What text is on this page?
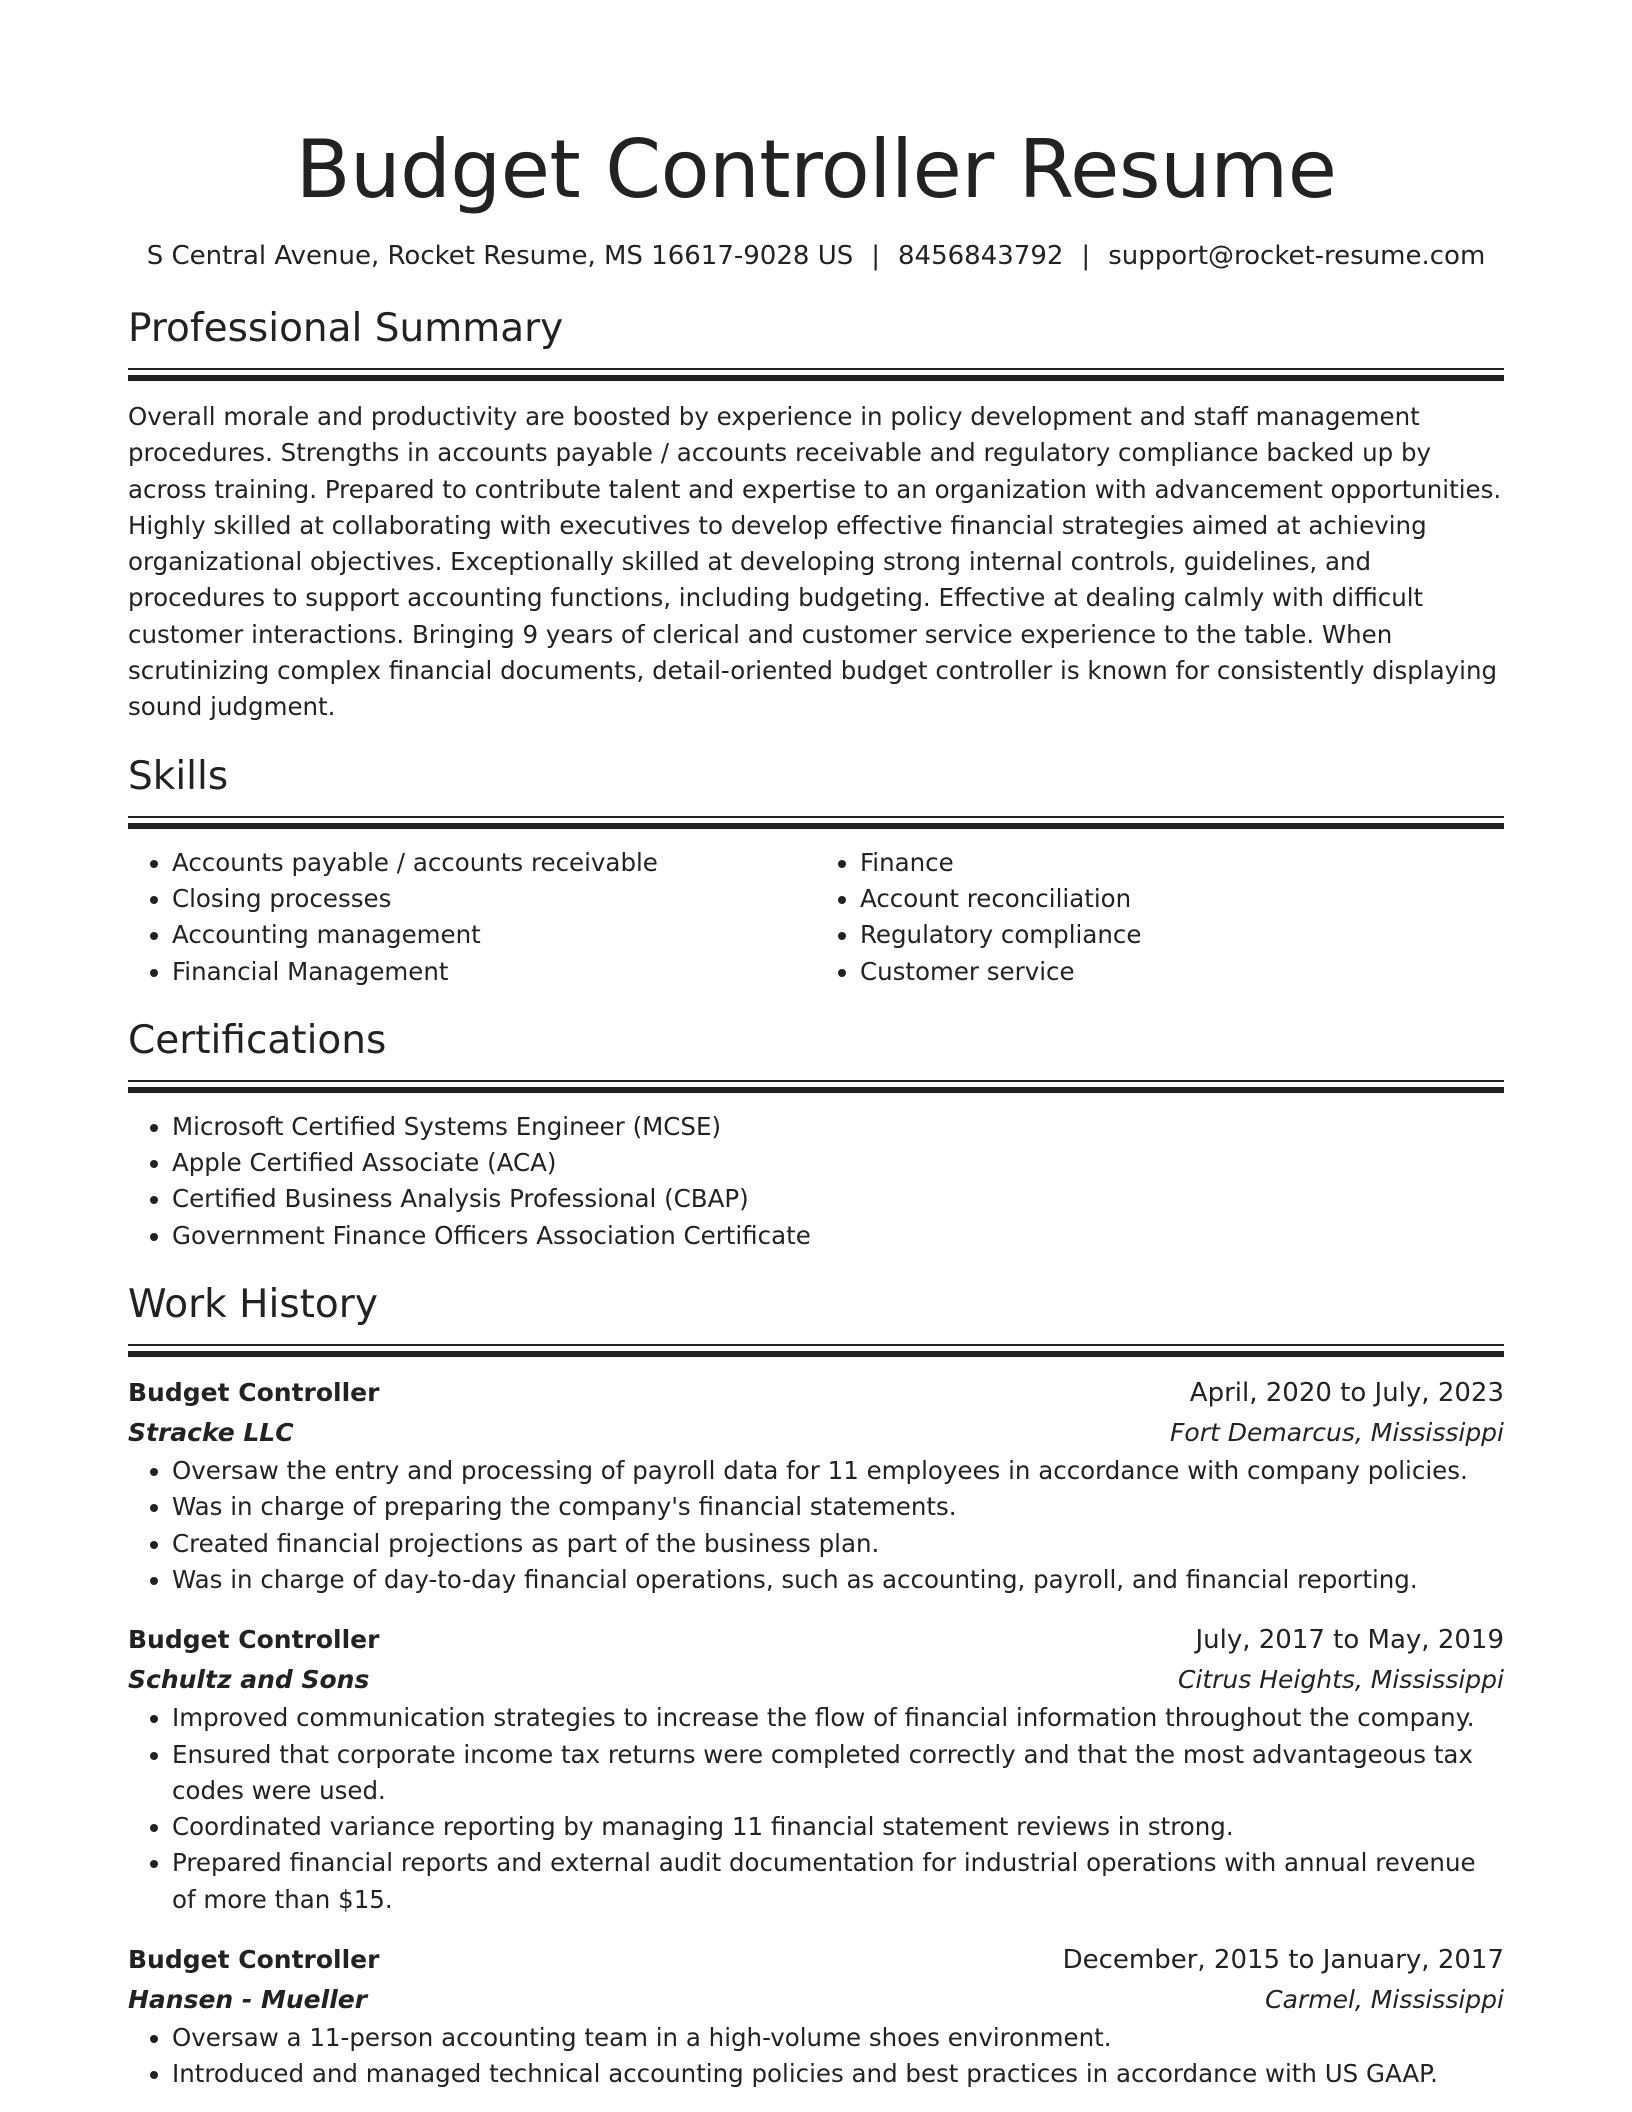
Budget Controller Resume
S Central Avenue, Rocket Resume, MS 16617-9028 US | 8456843792 | support@rocket-resume.com
Professional Summary

Overall morale and productivity are boosted by experience in policy development and staff management procedures. Strengths in accounts payable / accounts receivable and regulatory compliance backed up by across training. Prepared to contribute talent and expertise to an organization with advancement opportunities. Highly skilled at collaborating with executives to develop effective financial strategies aimed at achieving organizational objectives. Exceptionally skilled at developing strong internal controls, guidelines, and procedures to support accounting functions, including budgeting. Effective at dealing calmly with difficult customer interactions. Bringing 9 years of clerical and customer service experience to the table. When scrutinizing complex financial documents, detail-oriented budget controller is known for consistently displaying sound judgment.

Skills
• Accounts payable / accounts receivable
• Closing processes
• Accounting management
• Financial Management
• Finance
• Account reconciliation
• Regulatory compliance
• Customer service
Certifications
• Microsoft Certified Systems Engineer (MCSE)
• Apple Certified Associate (ACA)
• Certified Business Analysis Professional (CBAP)
• Government Finance Officers Association Certificate
Work History
Budget Controller	April, 2020 to July, 2023
Stracke LLC	Fort Demarcus, Mississippi
• Oversaw the entry and processing of payroll data for 11 employees in accordance with company policies.
• Was in charge of preparing the company's financial statements.
• Created financial projections as part of the business plan.
• Was in charge of day-to-day financial operations, such as accounting, payroll, and financial reporting.
Budget Controller	July, 2017 to May, 2019
Schultz and Sons	Citrus Heights, Mississippi
• Improved communication strategies to increase the flow of financial information throughout the company.
• Ensured that corporate income tax returns were completed correctly and that the most advantageous tax codes were used.
• Coordinated variance reporting by managing 11 financial statement reviews in strong.
• Prepared financial reports and external audit documentation for industrial operations with annual revenue of more than $15.
Budget Controller	December, 2015 to January, 2017
Hansen - Mueller	Carmel, Mississippi
• Oversaw a 11-person accounting team in a high-volume shoes environment.
• Introduced and managed technical accounting policies and best practices in accordance with US GAAP.
